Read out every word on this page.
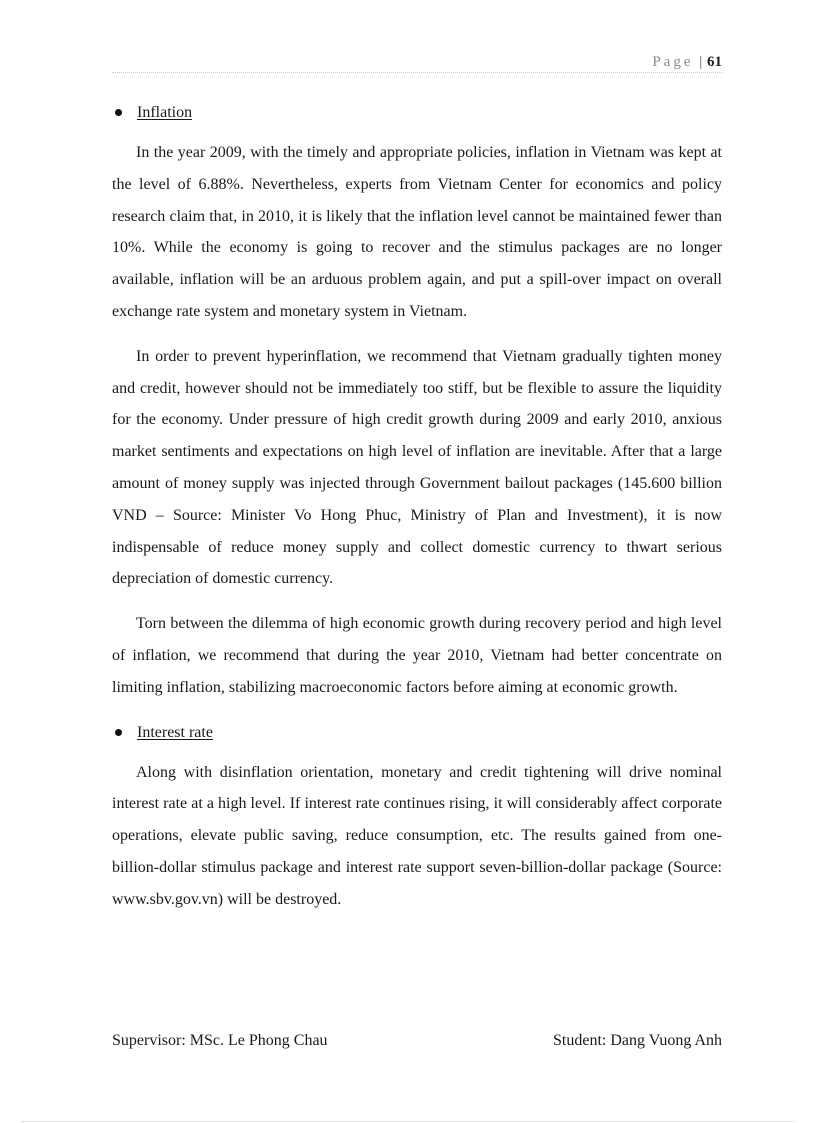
Page | 61
Inflation

In the year 2009, with the timely and appropriate policies, inflation in Vietnam was kept at the level of 6.88%. Nevertheless, experts from Vietnam Center for economics and policy research claim that, in 2010, it is likely that the inflation level cannot be maintained fewer than 10%. While the economy is going to recover and the stimulus packages are no longer available, inflation will be an arduous problem again, and put a spill-over impact on overall exchange rate system and monetary system in Vietnam.

In order to prevent hyperinflation, we recommend that Vietnam gradually tighten money and credit, however should not be immediately too stiff, but be flexible to assure the liquidity for the economy. Under pressure of high credit growth during 2009 and early 2010, anxious market sentiments and expectations on high level of inflation are inevitable. After that a large amount of money supply was injected through Government bailout packages (145.600 billion VND – Source: Minister Vo Hong Phuc, Ministry of Plan and Investment), it is now indispensable of reduce money supply and collect domestic currency to thwart serious depreciation of domestic currency.

Torn between the dilemma of high economic growth during recovery period and high level of inflation, we recommend that during the year 2010, Vietnam had better concentrate on limiting inflation, stabilizing macroeconomic factors before aiming at economic growth.

Interest rate

Along with disinflation orientation, monetary and credit tightening will drive nominal interest rate at a high level. If interest rate continues rising, it will considerably affect corporate operations, elevate public saving, reduce consumption, etc. The results gained from one-billion-dollar stimulus package and interest rate support seven-billion-dollar package (Source: www.sbv.gov.vn) will be destroyed.

Supervisor: MSc. Le Phong Chau	Student: Dang Vuong Anh
